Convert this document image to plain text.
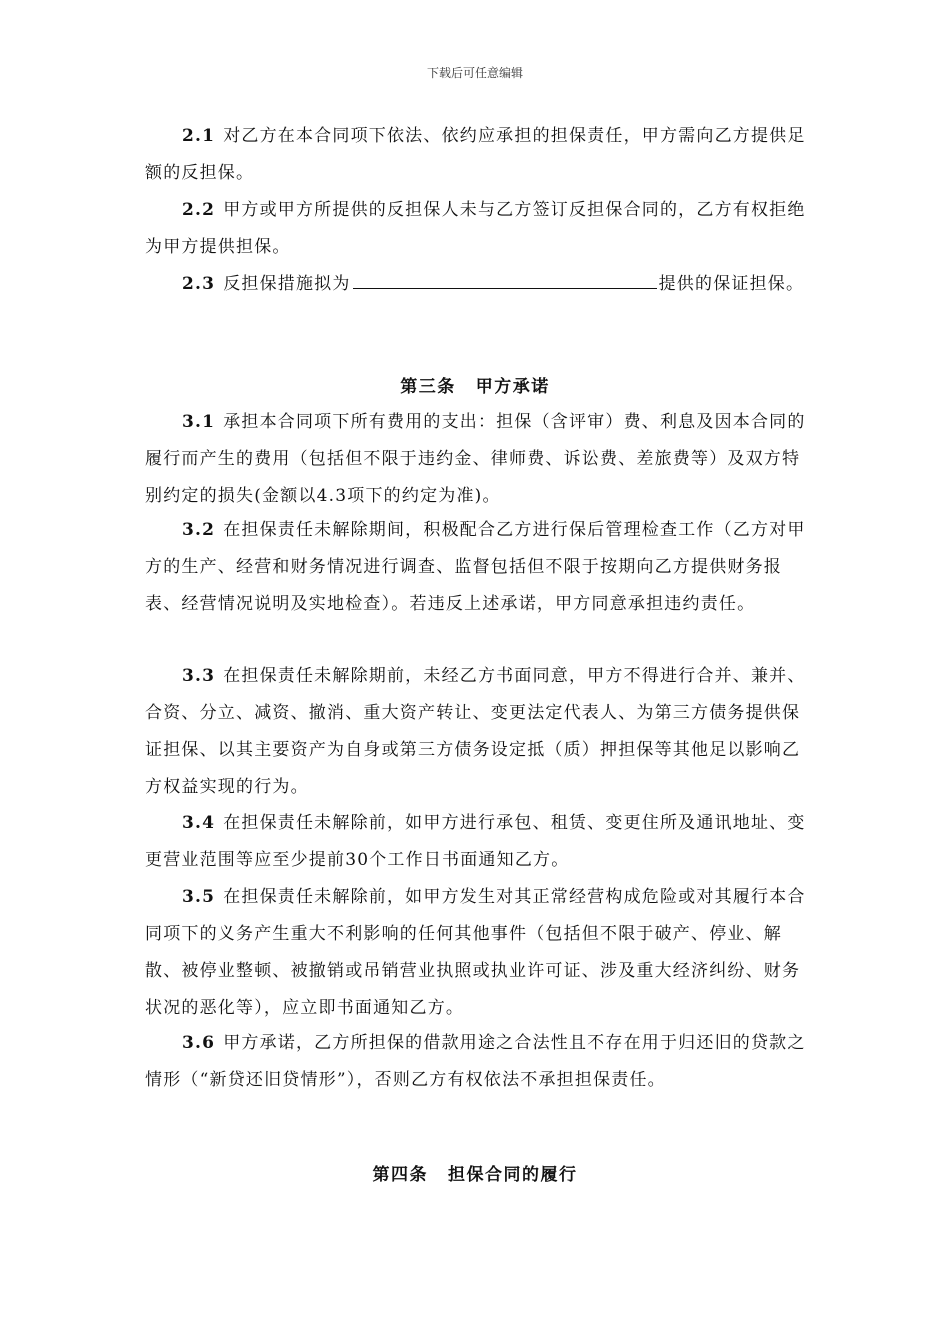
下载后可任意编辑

2.1 对乙方在本合同项下依法、依约应承担的担保责任，甲方需向乙方提供足额的反担保。

2.2 甲方或甲方所提供的反担保人未与乙方签订反担保合同的，乙方有权拒绝为甲方提供担保。

2.3 反担保措施拟为	提供的保证担保。

第三条 甲方承诺

3.1 承担本合同项下所有费用的支出：担保（含评审）费、利息及因本合同的履行而产生的费用（包括但不限于违约金、律师费、诉讼费、差旅费等）及双方特别约定的损失(金额以4.3项下的约定为准)。

3.2 在担保责任未解除期间，积极配合乙方进行保后管理检查工作（乙方对甲方的生产、经营和财务情况进行调查、监督包括但不限于按期向乙方提供财务报表、经营情况说明及实地检查）。若违反上述承诺，甲方同意承担违约责任。

3.3 在担保责任未解除期前，未经乙方书面同意，甲方不得进行合并、兼并、合资、分立、减资、撤消、重大资产转让、变更法定代表人、为第三方债务提供保证担保、以其主要资产为自身或第三方债务设定抵（质）押担保等其他足以影响乙方权益实现的行为。

3.4 在担保责任未解除前，如甲方进行承包、租赁、变更住所及通讯地址、变更营业范围等应至少提前30个工作日书面通知乙方。

3.5 在担保责任未解除前，如甲方发生对其正常经营构成危险或对其履行本合同项下的义务产生重大不利影响的任何其他事件（包括但不限于破产、停业、解散、被停业整顿、被撤销或吊销营业执照或执业许可证、涉及重大经济纠纷、财务状况的恶化等），应立即书面通知乙方。

3.6 甲方承诺，乙方所担保的借款用途之合法性且不存在用于归还旧的贷款之情形（“新贷还旧贷情形”），否则乙方有权依法不承担担保责任。

第四条 担保合同的履行
